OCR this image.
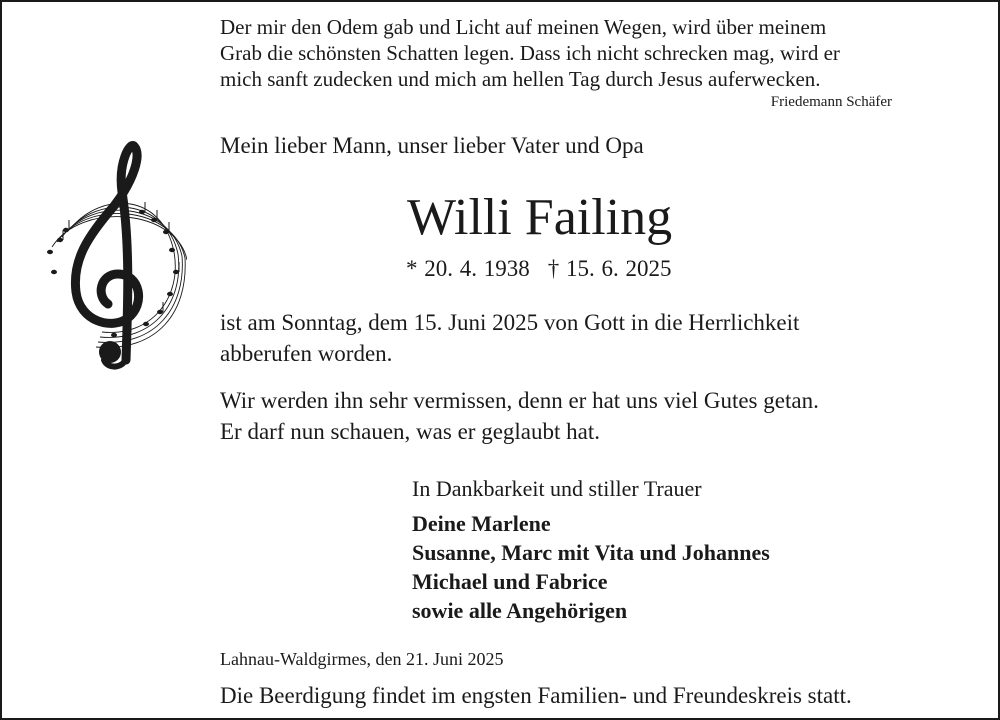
Der mir den Odem gab und Licht auf meinen Wegen, wird über meinem
Grab die schönsten Schatten legen. Dass ich nicht schrecken mag, wird er
mich sanft zudecken und mich am hellen Tag durch Jesus auferwecken.
Friedemann Schäfer
Mein lieber Mann, unser lieber Vater und Opa
Willi Failing
* 20. 4. 1938 † 15. 6. 2025
ist am Sonntag, dem 15. Juni 2025 von Gott in die Herrlichkeit
abberufen worden.
Wir werden ihn sehr vermissen, denn er hat uns viel Gutes getan.
Er darf nun schauen, was er geglaubt hat.
In Dankbarkeit und stiller Trauer
Deine Marlene
Susanne, Marc mit Vita und Johannes
Michael und Fabrice
sowie alle Angehörigen
Lahnau-Waldgirmes, den 21. Juni 2025
Die Beerdigung findet im engsten Familien- und Freundeskreis statt.
